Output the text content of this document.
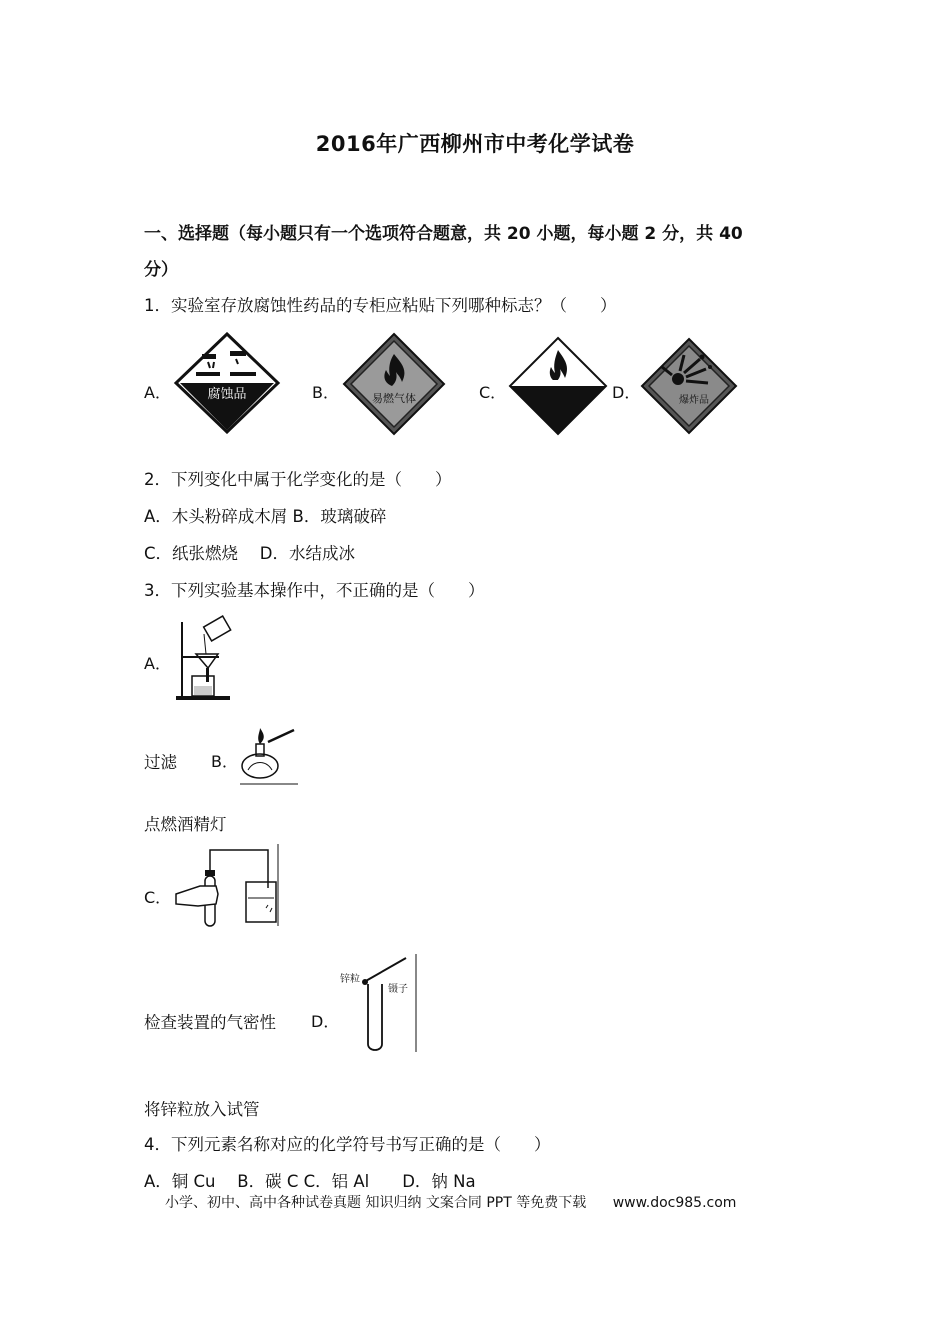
2016年广西柳州市中考化学试卷
一、选择题（每小题只有一个选项符合题意，共 20 小题，每小题 2 分，共 40
分）
1．实验室存放腐蚀性药品的专柜应粘贴下列哪种标志？（　　）
A．	B．	C．	D．
腐蚀品	易燃气体	爆炸品
2．下列变化中属于化学变化的是（　　）
A．木头粉碎成木屑 B．玻璃破碎
C．纸张燃烧　 D．水结成冰
3．下列实验基本操作中，不正确的是（　　）
A．
过滤 B．
点燃酒精灯
C．
检查装置的气密性 D．
锌粒
镊子
将锌粒放入试管
4．下列元素名称对应的化学符号书写正确的是（　　）
A．铜 Cu　 B．碳 C C．铝 Al　　D．钠 Na
小学、初中、高中各种试卷真题 知识归纳 文案合同 PPT 等免费下载 www.doc985.com
